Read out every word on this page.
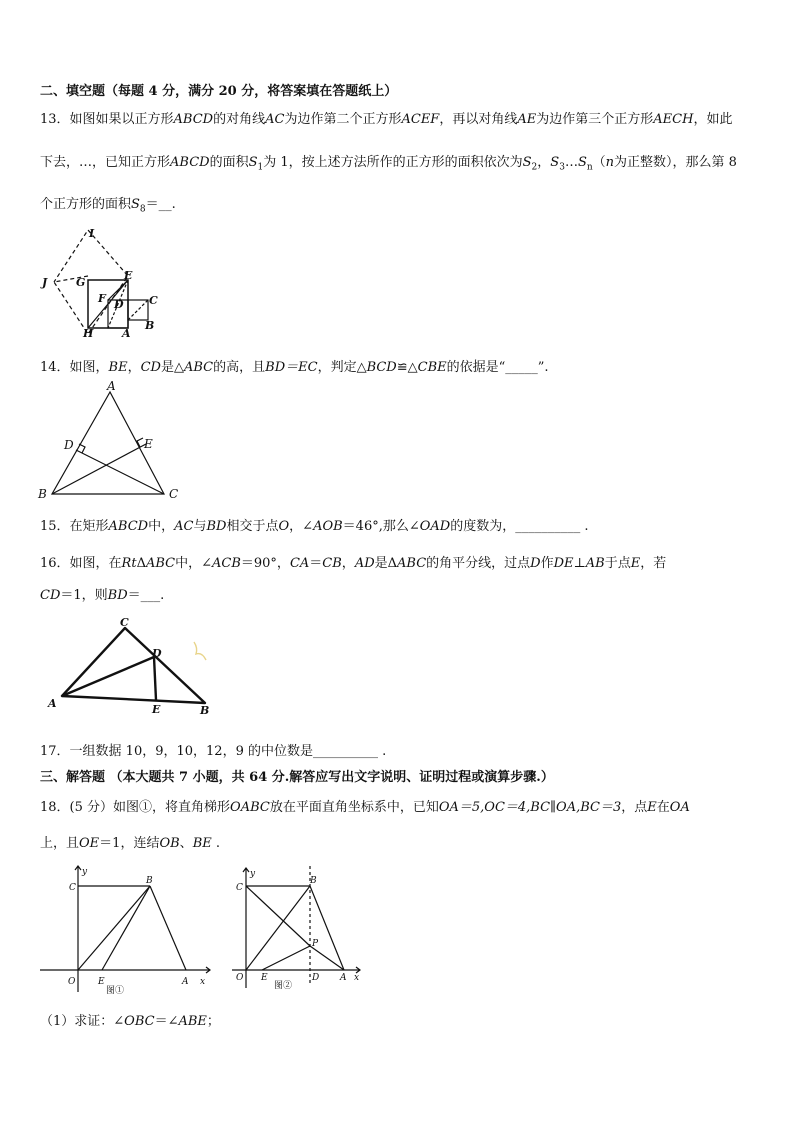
二、填空题（每题 4 分，满分 20 分，将答案填在答题纸上）
13．如图如果以正方形ABCD的对角线AC为边作第二个正方形ACEF，再以对角线AE为边作第三个正方形AECH，如此
下去，…，已知正方形ABCD的面积$S_1$为 1，按上述方法所作的正方形的面积依次为$S_2$，$S_3\dots S_n(n$为正整数），那么第 8
个正方形的面积$S_8=\_\_$.
I
J	G
E
F D C
H	A
B
14．如图，BE，CD是△ABC的高，且BD＝EC，判定△BCD≌△CBE的依据是“_____”.
A
D	E
B	C
15．在矩形ABCD中，AC与BD相交于点O，∠AOB＝46°,那么∠OAD的度数为，__________ .
16．如图，在RtΔABC中，∠ACB＝90°，CA＝CB，AD是ΔABC的角平分线，过点D作DE⊥AB于点E，若
CD＝1，则BD＝___.
C
D
A	E	B
17．一组数据 10，9，10，12，9 的中位数是__________ .
三、解答题 （本大题共 7 小题，共 64 分.解答应写出文字说明、证明过程或演算步骤.）
18．(5 分）如图①，将直角梯形OABC放在平面直角坐标系中，已知OA＝5,OC＝4,BC∥OA,BC＝3，点E在OA
上，且OE＝1，连结OB、BE .
y
C
B
O	E	A x
图①
y
C
B
P
O E	D A x
图②
（1）求证：∠OBC＝∠ABE；
